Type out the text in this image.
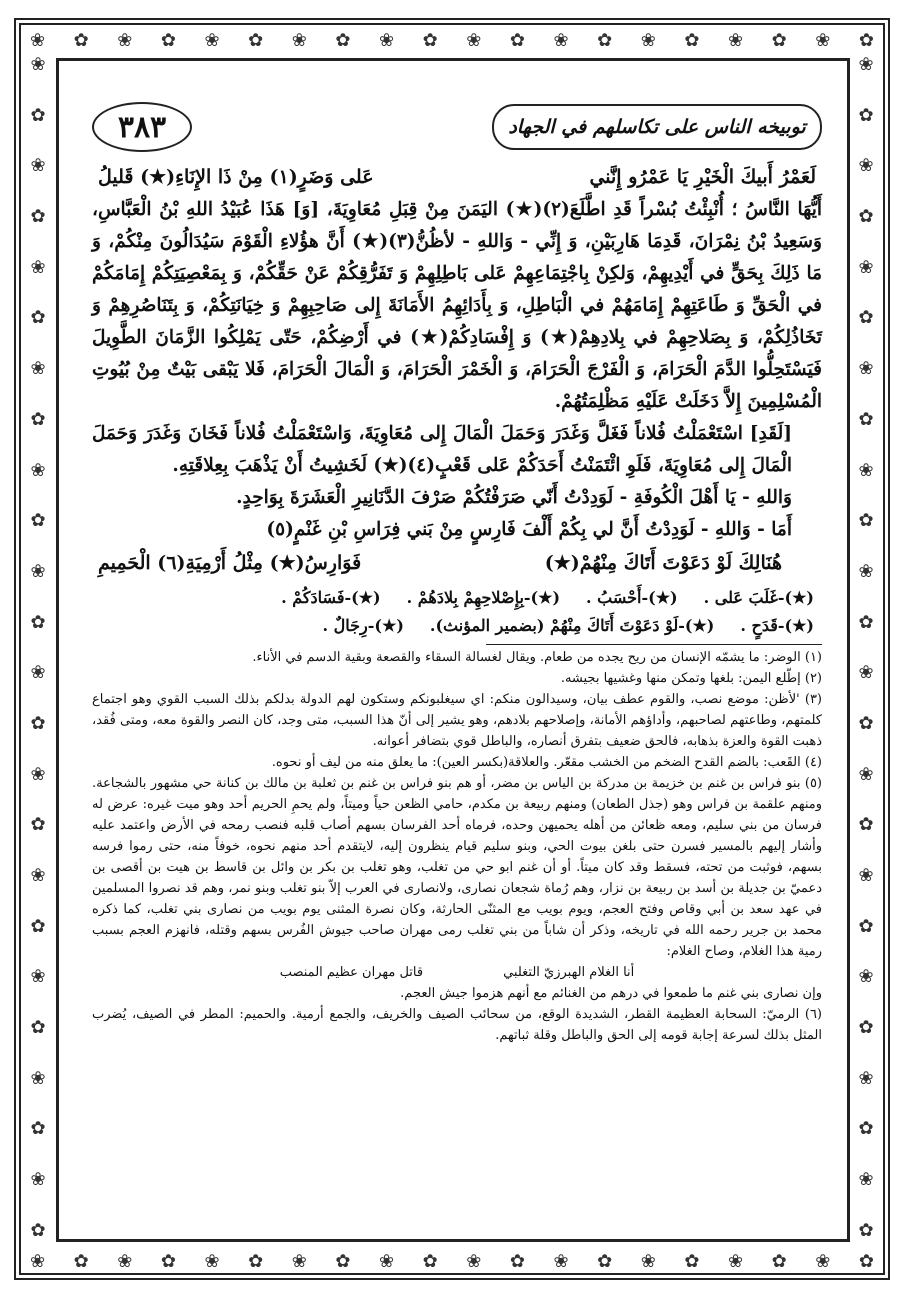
❀ ✿ ❀ ✿ ❀ ✿ ❀ ✿ ❀ ✿ ❀ ✿ ❀ ✿ ❀ ✿ ❀ ✿ ❀ ✿
❀ ✿ ❀ ✿ ❀ ✿ ❀ ✿ ❀ ✿ ❀ ✿ ❀ ✿ ❀ ✿ ❀ ✿ ❀ ✿
❀
✿
❀
✿
❀
✿
❀
✿
❀
✿
❀
✿
❀
✿
❀
✿
❀
✿
❀
✿
❀
✿
❀
✿
❀
✿
❀
✿
❀
✿
❀
✿
❀
✿
❀
✿
❀
✿
❀
✿
❀
✿
❀
✿
❀
✿
❀
✿
توبيخه الناس على تكاسلهم في الجهاد
٣٨٣
لَعَمْرُ أَبيكَ الْخَيْرِ يَا عَمْرُو إِنَّني
عَلى وَضَرٍ(١) مِنْ ذَا الإِنَاءِ(★) قَليلُ

أَيُّهَا النَّاسُ ؛ أُنْبِئْتُ بُسْراً قَدِ اطَّلَعَ(٢)(★) اليَمَنَ مِنْ قِبَلِ مُعَاوِيَةَ، [وَ] هَذَا عُبَيْدُ اللهِ بْنُ الْعَبَّاسِ، وَسَعِيدُ بْنُ نِمْرَانَ، قَدِمَا هَارِبَيْنِ، وَ إِنِّي - وَاللهِ - لأظُنُّ(٣)(★) أَنَّ هؤُلاءِ الْقَوْمَ سَيُدَالُونَ مِنْكُمْ، وَ مَا ذَلِكَ بِحَقٍّ في أَيْدِيهِمْ، وَلكِنْ بِاجْتِمَاعِهِمْ عَلى بَاطِلِهِمْ وَ تَفَرُّقِكُمْ عَنْ حَقِّكُمْ، وَ بِمَعْصِيَتِكُمْ إِمَامَكُمْ في الْحَقِّ وَ طَاعَتِهِمْ إِمَامَهُمْ في الْبَاطِلِ، وَ بِأَدَائِهِمُ الأَمَانَةَ إِلى صَاحِبِهِمْ وَ خِيَانَتِكُمْ، وَ بِتَنَاصُرِهِمْ وَ تَخَاذُلِكُمْ، وَ بِصَلاحِهِمْ في بِلادِهِمْ(★) وَ إِفْسَادِكُمْ(★) في أَرْضِكُمْ، حَتّى يَمْلِكُوا الزَّمَانَ الطَّوِيلَ فَيَسْتَحِلُّوا الدَّمَ الْحَرَامَ، وَ الْفَرْجَ الْحَرَامَ، وَ الْخَمْرَ الْحَرَامَ، وَ الْمَالَ الْحَرَامَ، فَلا يَبْقى بَيْتٌ مِنْ بُيُوتِ الْمُسْلِمِينَ إِلاَّ دَخَلَتْ عَلَيْهِ مَظْلِمَتُهُمْ.

[لَقَدِ] اسْتَعْمَلْتُ فُلاناً فَغَلَّ وَغَدَرَ وَحَمَلَ الْمَالَ إِلى مُعَاوِيَةَ، وَاسْتَعْمَلْتُ فُلاناً فَخَانَ وَغَدَرَ وَحَمَلَ الْمَالَ إِلى مُعَاوِيَةَ، فَلَوِ ائْتَمَنْتُ أَحَدَكُمْ عَلى قَعْبٍ(٤)(★) لَخَشِيتُ أَنْ يَذْهَبَ بِعِلاقَتِهِ.

وَاللهِ - يَا أَهْلَ الْكُوفَةِ - لَوَدِدْتُ أَنّي صَرَفْتُكُمْ صَرْفَ الدَّنَانِيرِ الْعَشَرَةَ بِوَاحِدٍ.

أَمَا - وَاللهِ - لَوَدِدْتُ أَنَّ لي بِكُمْ أَلْفَ فَارِسٍ مِنْ بَني فِرَاسِ بْنِ غَنْمٍ(٥)

هُنَالِكَ لَوْ دَعَوْتَ أَتَاكَ مِنْهُمْ(★)
فَوَارِسُ(★) مِثْلُ أَرْمِيَةِ(٦) الْحَمِيمِ
(★)-غَلَبَ عَلى .
(★)-أَحْسَبُ .
(★)-بِإِصْلاحِهِمْ بِلادَهُمْ .
(★)-فَسَادَكُمْ .
(★)-قَدَحٍ .
(★)-لَوْ دَعَوْتَ أَتَاكَ مِنْهُمْ (بضمير المؤنث).
(★)-رِجَالٌ .

(١) الوضر: ما يشمّه الإنسان من ريح يجده من طعام. ويقال لغسالة السقاء والقصعة وبقية الدسم في الأناء.

(٢) إطّلع اليمن: بلغها وتمكن منها وغشيها بجيشه.

(٣) 'لأظن: موضع نصب، والقوم عطف بيان، وسيدالون منكم: اي سيغلبونكم وستكون لهم الدولة بدلكم بذلك السبب القوي وهو اجتماع كلمتهم، وطاعتهم لصاحبهم، وأداؤهم الأمانة، وإصلاحهم بلادهم، وهو يشير إلى أنّ هذا السبب، متى وجد، كان النصر والقوة معه، ومتى فُقد، ذهبت القوة والعزة بذهابه، فالحق ضعيف بتفرق أنصاره، والباطل قوي بتضافر أعوانه.

(٤) القَعب: بالضم القدح الضخم من الخشب مقعّر. والعلاقة(بكسر العين): ما يعلق منه من ليف أو نحوه.

(٥) بنو فراس بن غنم بن خزيمة بن مدركة بن الياس بن مضر، أو هم بنو فراس بن غنم بن ثعلبة بن مالك بن كنانة حي مشهور بالشجاعة. ومنهم علقمة بن فراس وهو (جذل الطعان) ومنهم ربيعة بن مكدم، حامي الظعن حياً وميتاً، ولم يحمِ الحريم أحد وهو ميت غيره: عرض له فرسان من بني سليم، ومعه ظعائن من أهله يحميهن وحده، فرماه أحد الفرسان بسهم أصاب قلبه فنصب رمحه في الأرض واعتمد عليه وأشار إليهم بالمسير فسرن حتى بلغن بيوت الحي، وبنو سليم قيام ينظرون إليه، لايتقدم أحد منهم نحوه، خوفاً منه، حتى رموا فرسه بسهم، فوثبت من تحته، فسقط وقد كان ميتاً. أو أن غنم ابو حي من تغلب، وهو تغلب بن بكر بن وائل بن قاسط بن هيت بن أقصى بن دعميّ بن جديلة بن أسد بن ربيعة بن نزار، وهم رُماة شجعان نصارى، ولانصارى في العرب إلاّ بنو تغلب وبنو نمر، وهم قد نصروا المسلمين في عهد سعد بن أبي وقاص وفتح العجم، ويوم بويب مع المثنّى الحارثة، وكان نصرة المثنى يوم بويب من نصارى بني تغلب، كما ذكره محمد بن جرير رحمه الله في تاريخه، وذكر أن شاباً من بني تغلب رمى مهران صاحب جيوش الفُرس بسهم وقتله، فانهزم العجم بسبب رمية هذا الغلام، وصاح الغلام:

أنا الغلام الهبرزيّ التغلبي
قاتل مهران عظيم المنصب

وإن نصارى بني غنم ما طمعوا في درهم من الغنائم مع أنهم هزموا جيش العجم.

(٦) الرميّ: السحابة العظيمة القطر، الشديدة الوقع، من سحائب الصيف والخريف، والجمع أرمية. والحميم: المطر في الصيف، يُضرب المثل بذلك لسرعة إجابة قومه إلى الحق والباطل وقلة ثباتهم.
